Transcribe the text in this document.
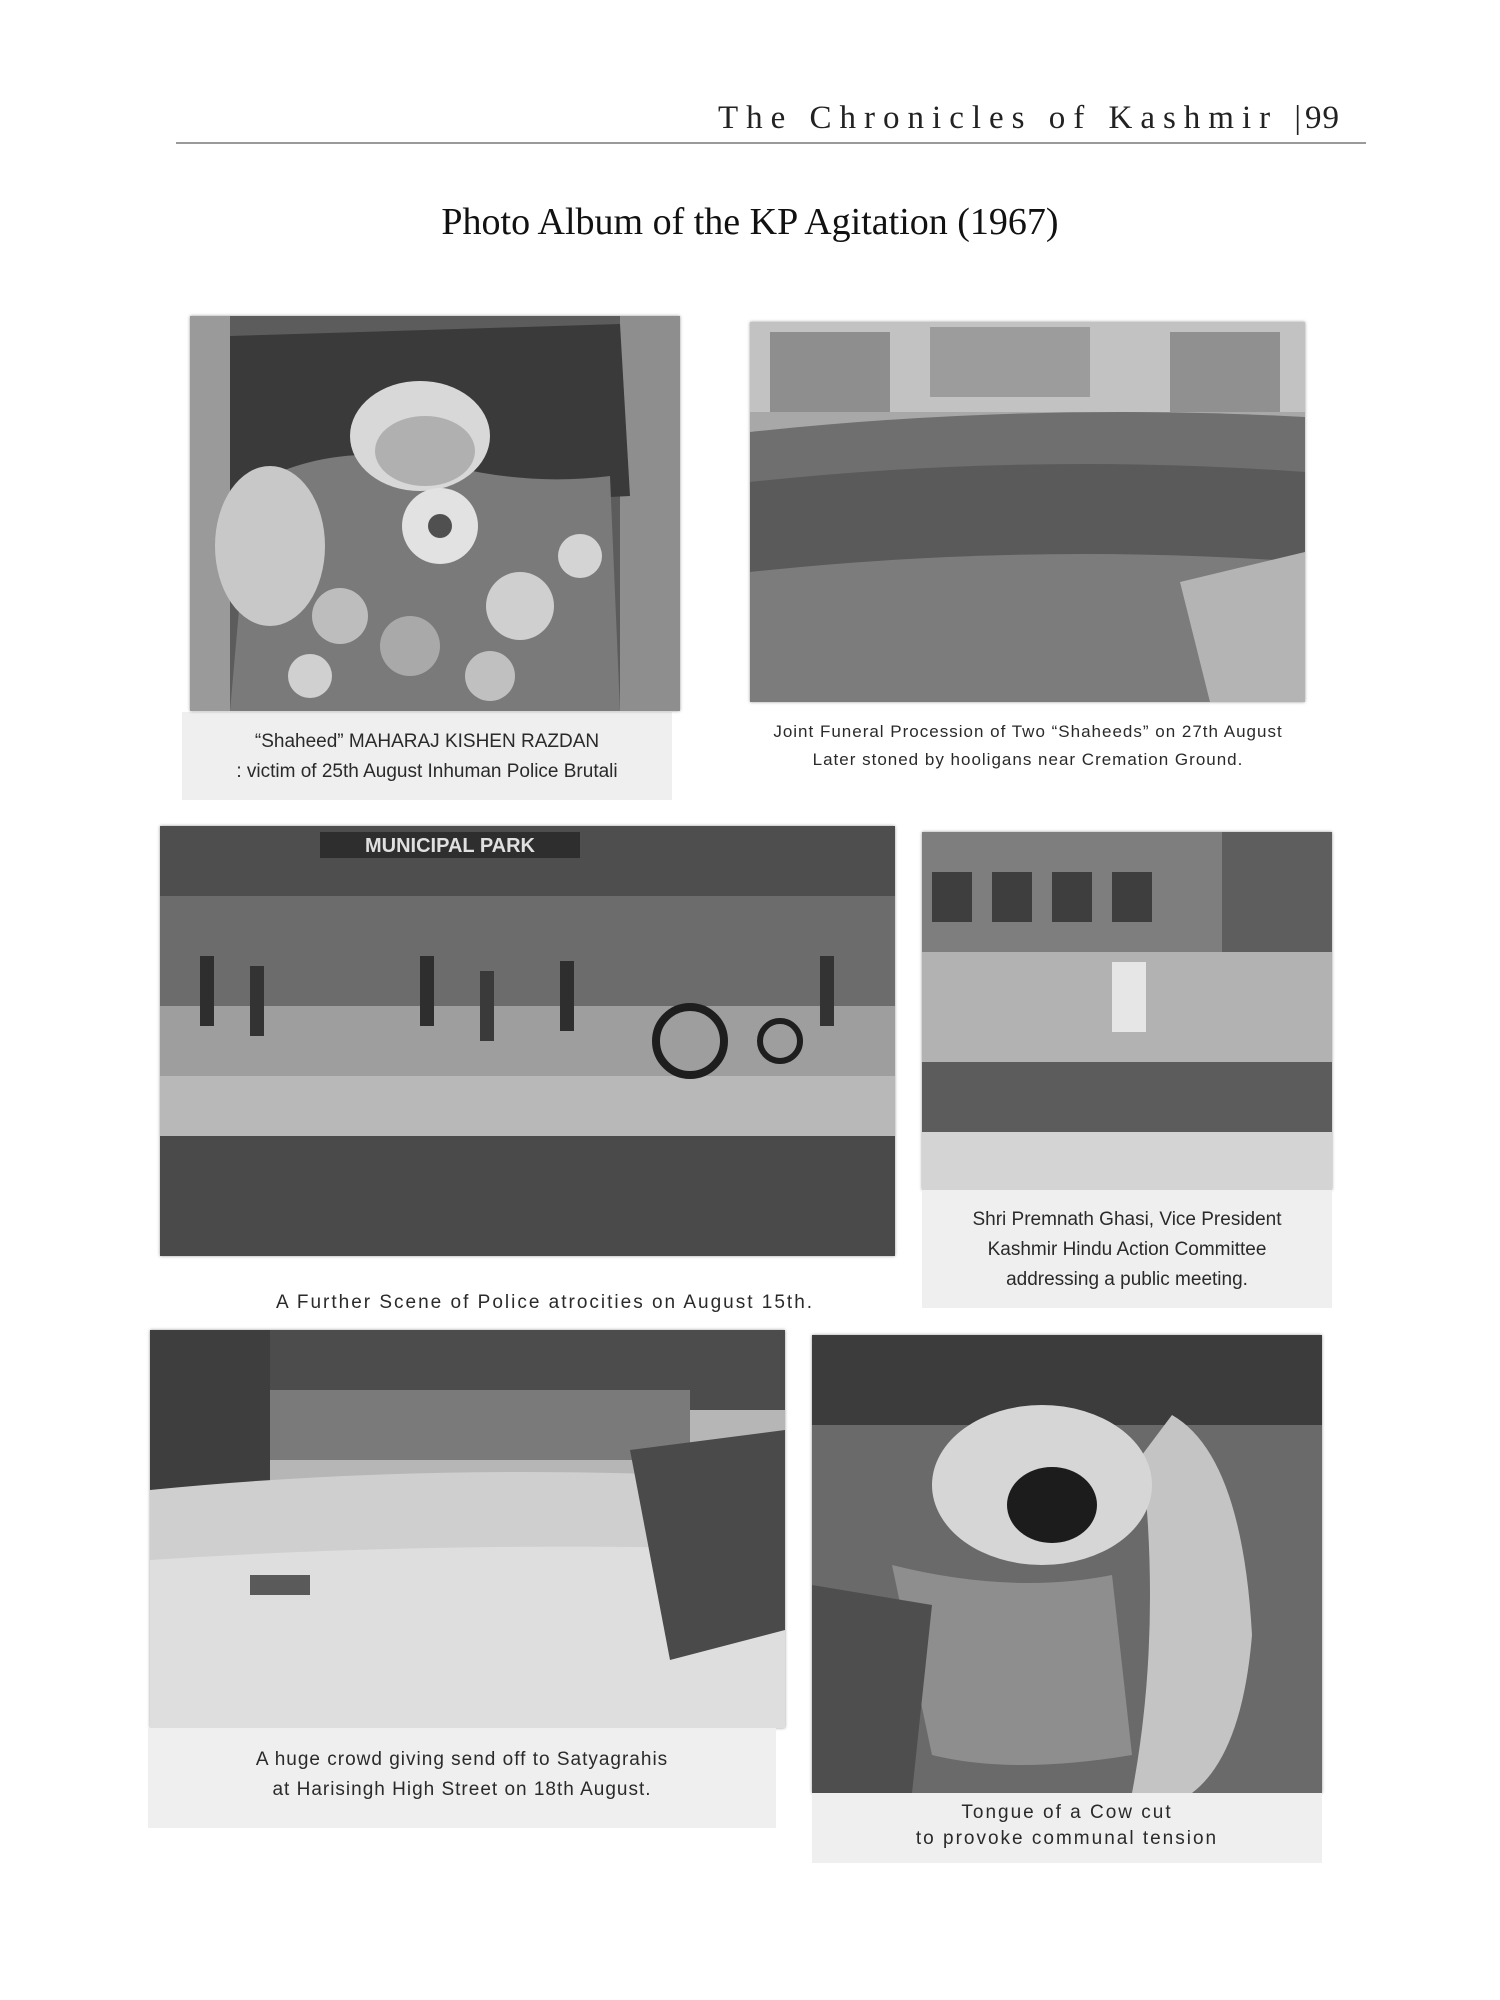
The Chronicles of Kashmir | 99
Photo Album of the KP Agitation (1967)
“Shaheed” MAHARAJ KISHEN RAZDAN
: victim of 25th August Inhuman Police Brutali
Joint Funeral Procession of Two “Shaheeds” on 27th August
Later stoned by hooligans near Cremation Ground.
MUNICIPAL PARK
A Further Scene of Police atrocities on August 15th.
Shri Premnath Ghasi, Vice President
Kashmir Hindu Action Committee
addressing a public meeting.
A huge crowd giving send off to Satyagrahis
at Harisingh High Street on 18th August.
Tongue of a Cow cut
to provoke communal tension
